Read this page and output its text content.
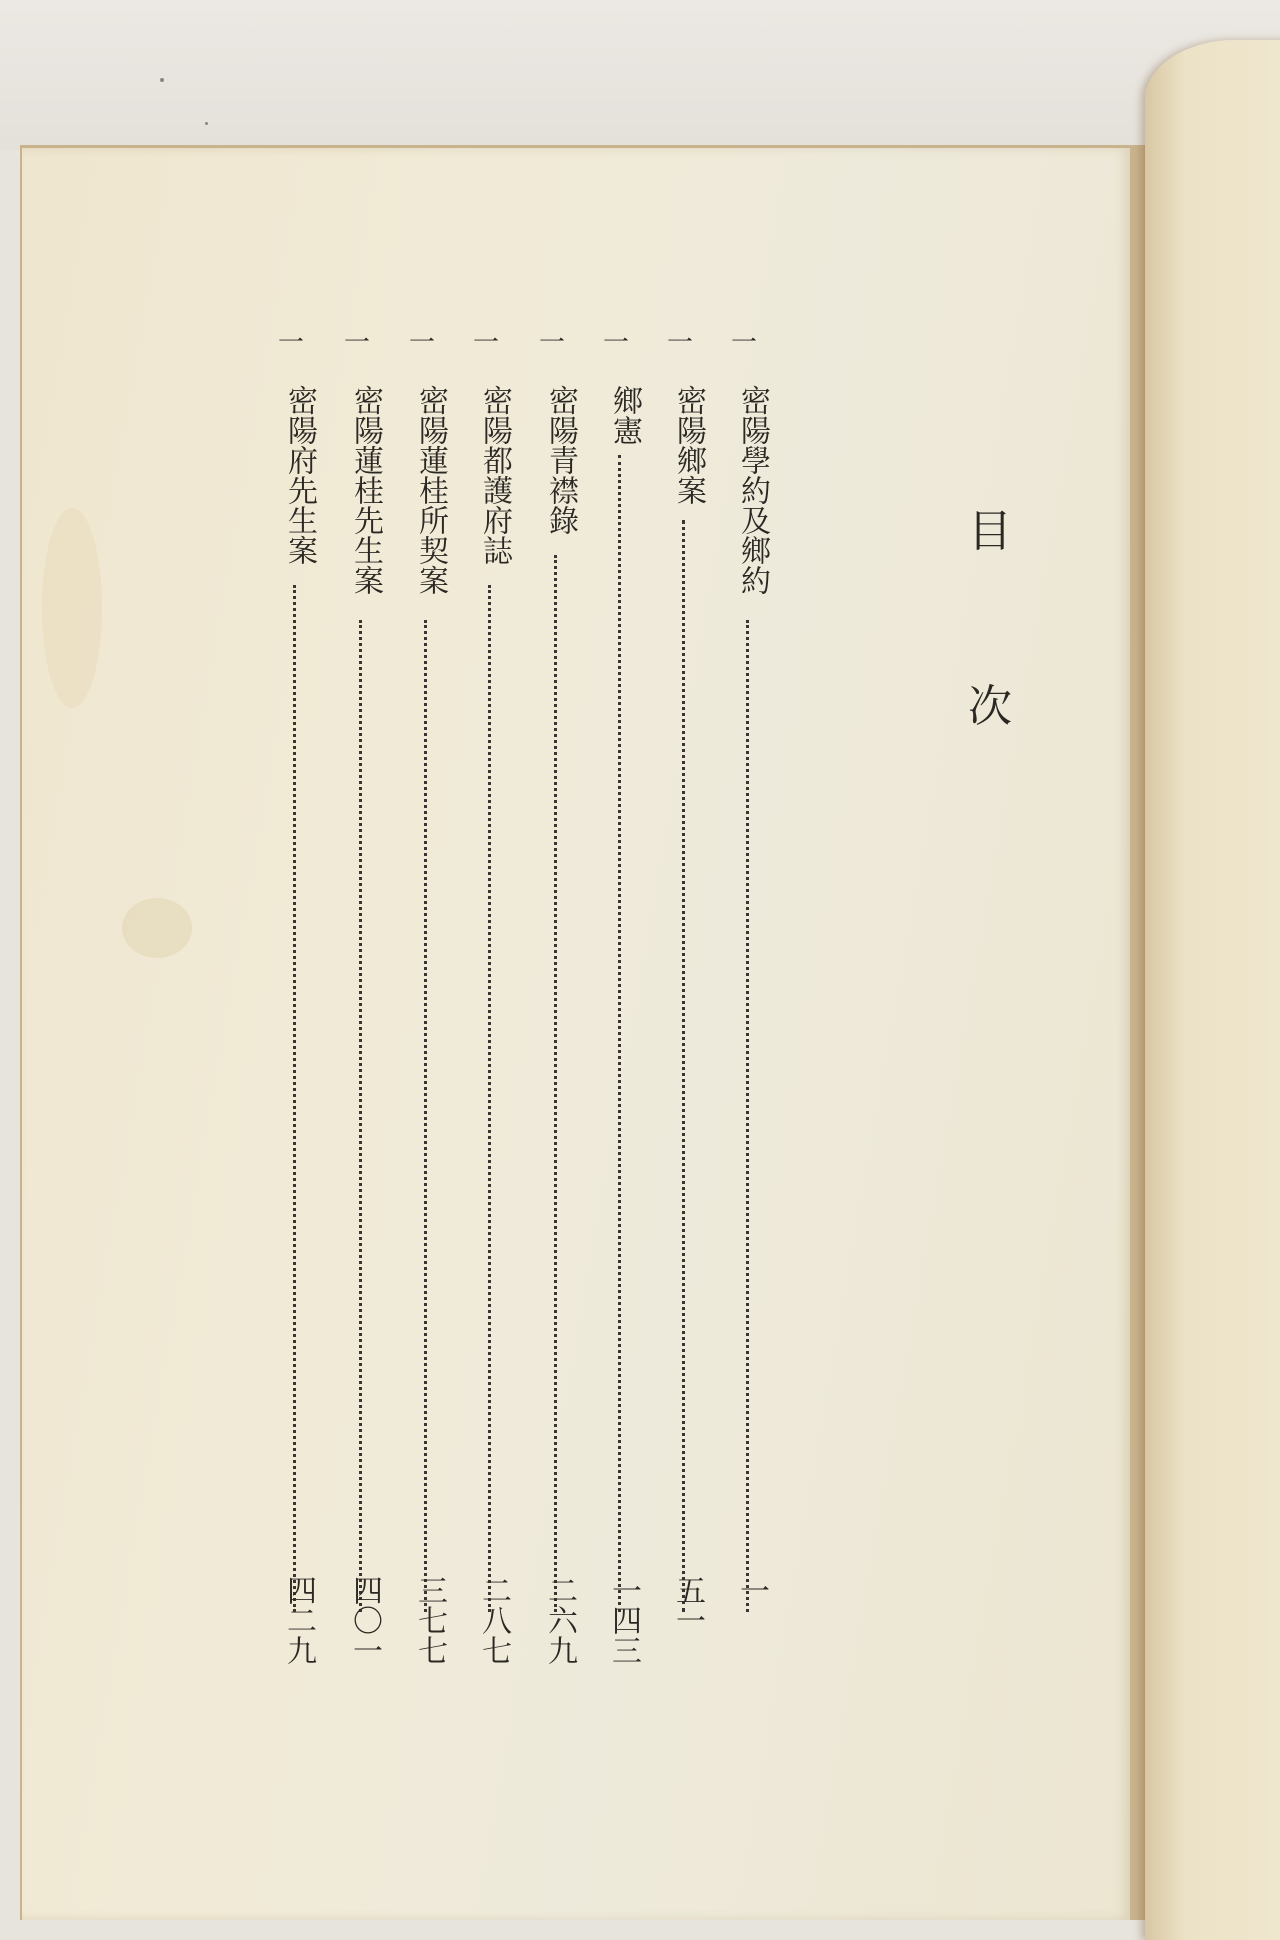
目
次
一
密陽學約及鄉約
一
一
密陽鄉案
五一
一
鄉憲
一四三
一
密陽青襟錄
二六九
一
密陽都護府誌
二八七
一
密陽蓮桂所契案
三七七
一
密陽蓮桂先生案
四〇一
一
密陽府先生案
四二九
